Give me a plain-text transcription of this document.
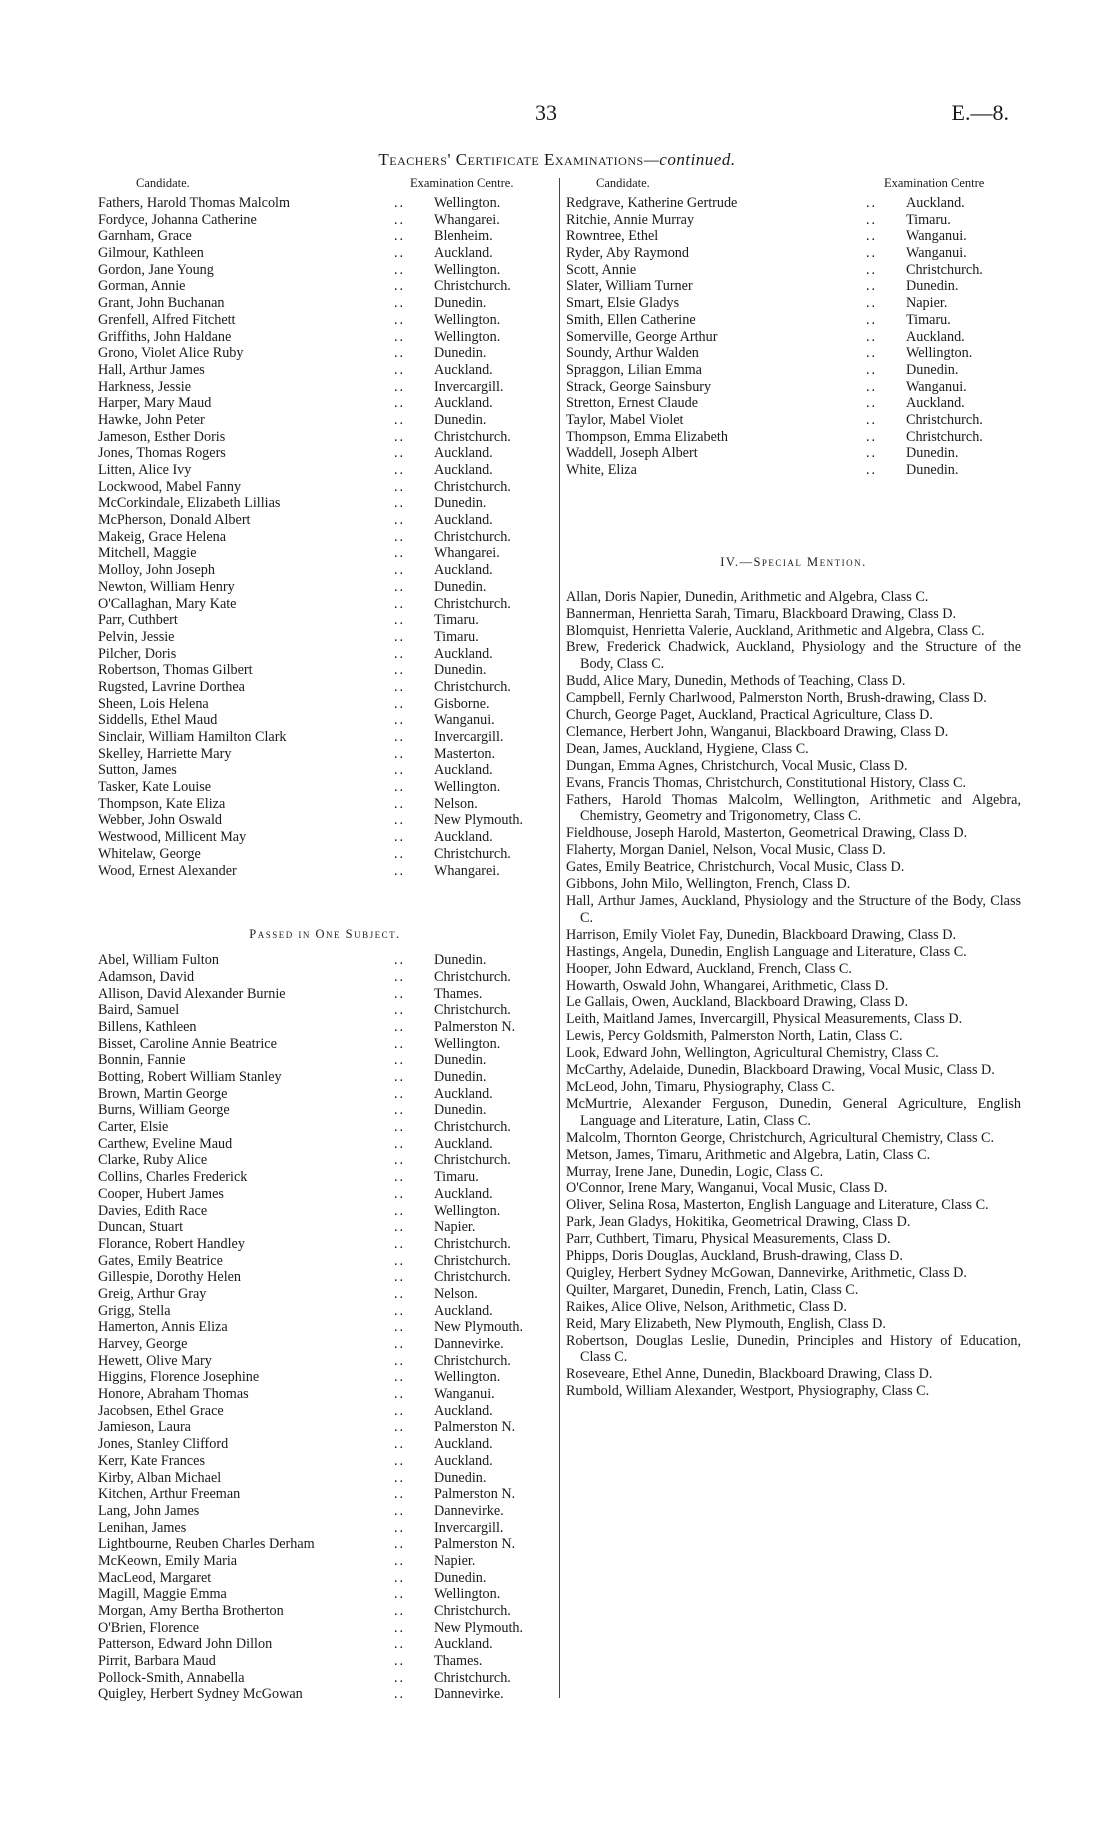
33	E.—8.
Teachers' Certificate Examinations—continued.
Candidate.	Examination Centre.
Fathers, Harold Thomas Malcolm	.. Wellington.
Fordyce, Johanna Catherine	.. Whangarei.
Garnham, Grace	.. Blenheim.
Gilmour, Kathleen	.. Auckland.
Gordon, Jane Young	.. Wellington.
Gorman, Annie	.. Christchurch.
Grant, John Buchanan	.. Dunedin.
Grenfell, Alfred Fitchett	.. Wellington.
Griffiths, John Haldane	.. Wellington.
Grono, Violet Alice Ruby	.. Dunedin.
Hall, Arthur James	.. Auckland.
Harkness, Jessie	.. Invercargill.
Harper, Mary Maud	.. Auckland.
Hawke, John Peter	.. Dunedin.
Jameson, Esther Doris	.. Christchurch.
Jones, Thomas Rogers	.. Auckland.
Litten, Alice Ivy	.. Auckland.
Lockwood, Mabel Fanny	.. Christchurch.
McCorkindale, Elizabeth Lillias	.. Dunedin.
McPherson, Donald Albert	.. Auckland.
Makeig, Grace Helena	.. Christchurch.
Mitchell, Maggie	.. Whangarei.
Molloy, John Joseph	.. Auckland.
Newton, William Henry	.. Dunedin.
O'Callaghan, Mary Kate	.. Christchurch.
Parr, Cuthbert	.. Timaru.
Pelvin, Jessie	.. Timaru.
Pilcher, Doris	.. Auckland.
Robertson, Thomas Gilbert	.. Dunedin.
Rugsted, Lavrine Dorthea	.. Christchurch.
Sheen, Lois Helena	.. Gisborne.
Siddells, Ethel Maud	.. Wanganui.
Sinclair, William Hamilton Clark	.. Invercargill.
Skelley, Harriette Mary	.. Masterton.
Sutton, James	.. Auckland.
Tasker, Kate Louise	.. Wellington.
Thompson, Kate Eliza	.. Nelson.
Webber, John Oswald	.. New Plymouth.
Westwood, Millicent May	.. Auckland.
Whitelaw, George	.. Christchurch.
Wood, Ernest Alexander	.. Whangarei.
Passed in One Subject.
Abel, William Fulton	.. Dunedin.
Adamson, David	.. Christchurch.
Allison, David Alexander Burnie	.. Thames.
Baird, Samuel	.. Christchurch.
Billens, Kathleen	.. Palmerston N.
Bisset, Caroline Annie Beatrice	.. Wellington.
Bonnin, Fannie	.. Dunedin.
Botting, Robert William Stanley	.. Dunedin.
Brown, Martin George	.. Auckland.
Burns, William George	.. Dunedin.
Carter, Elsie	.. Christchurch.
Carthew, Eveline Maud	.. Auckland.
Clarke, Ruby Alice	.. Christchurch.
Collins, Charles Frederick	.. Timaru.
Cooper, Hubert James	.. Auckland.
Davies, Edith Race	.. Wellington.
Duncan, Stuart	.. Napier.
Florance, Robert Handley	.. Christchurch.
Gates, Emily Beatrice	.. Christchurch.
Gillespie, Dorothy Helen	.. Christchurch.
Greig, Arthur Gray	.. Nelson.
Grigg, Stella	.. Auckland.
Hamerton, Annis Eliza	.. New Plymouth.
Harvey, George	.. Dannevirke.
Hewett, Olive Mary	.. Christchurch.
Higgins, Florence Josephine	.. Wellington.
Honore, Abraham Thomas	.. Wanganui.
Jacobsen, Ethel Grace	.. Auckland.
Jamieson, Laura	.. Palmerston N.
Jones, Stanley Clifford	.. Auckland.
Kerr, Kate Frances	.. Auckland.
Kirby, Alban Michael	.. Dunedin.
Kitchen, Arthur Freeman	.. Palmerston N.
Lang, John James	.. Dannevirke.
Lenihan, James	.. Invercargill.
Lightbourne, Reuben Charles Derham	.. Palmerston N.
McKeown, Emily Maria	.. Napier.
MacLeod, Margaret	.. Dunedin.
Magill, Maggie Emma	.. Wellington.
Morgan, Amy Bertha Brotherton	.. Christchurch.
O'Brien, Florence	.. New Plymouth.
Patterson, Edward John Dillon	.. Auckland.
Pirrit, Barbara Maud	.. Thames.
Pollock-Smith, Annabella	.. Christchurch.
Quigley, Herbert Sydney McGowan	.. Dannevirke.
Candidate.	Examination Centre
Redgrave, Katherine Gertrude	.. Auckland.
Ritchie, Annie Murray	.. Timaru.
Rowntree, Ethel	.. Wanganui.
Ryder, Aby Raymond	.. Wanganui.
Scott, Annie	.. Christchurch.
Slater, William Turner	.. Dunedin.
Smart, Elsie Gladys	.. Napier.
Smith, Ellen Catherine	.. Timaru.
Somerville, George Arthur	.. Auckland.
Soundy, Arthur Walden	.. Wellington.
Spraggon, Lilian Emma	.. Dunedin.
Strack, George Sainsbury	.. Wanganui.
Stretton, Ernest Claude	.. Auckland.
Taylor, Mabel Violet	.. Christchurch.
Thompson, Emma Elizabeth	.. Christchurch.
Waddell, Joseph Albert	.. Dunedin.
White, Eliza	.. Dunedin.
IV.—Special Mention.
Allan, Doris Napier, Dunedin, Arithmetic and Algebra, Class C.
Bannerman, Henrietta Sarah, Timaru, Blackboard Drawing, Class D.
Blomquist, Henrietta Valerie, Auckland, Arithmetic and Algebra, Class C.
Brew, Frederick Chadwick, Auckland, Physiology and the Structure of the Body, Class C.
Budd, Alice Mary, Dunedin, Methods of Teaching, Class D.
Campbell, Fernly Charlwood, Palmerston North, Brush-drawing, Class D.
Church, George Paget, Auckland, Practical Agriculture, Class D.
Clemance, Herbert John, Wanganui, Blackboard Drawing, Class D.
Dean, James, Auckland, Hygiene, Class C.
Dungan, Emma Agnes, Christchurch, Vocal Music, Class D.
Evans, Francis Thomas, Christchurch, Constitutional History, Class C.
Fathers, Harold Thomas Malcolm, Wellington, Arithmetic and Algebra, Chemistry, Geometry and Trigonometry, Class C.
Fieldhouse, Joseph Harold, Masterton, Geometrical Drawing, Class D.
Flaherty, Morgan Daniel, Nelson, Vocal Music, Class D.
Gates, Emily Beatrice, Christchurch, Vocal Music, Class D.
Gibbons, John Milo, Wellington, French, Class D.
Hall, Arthur James, Auckland, Physiology and the Structure of the Body, Class C.
Harrison, Emily Violet Fay, Dunedin, Blackboard Drawing, Class D.
Hastings, Angela, Dunedin, English Language and Literature, Class C.
Hooper, John Edward, Auckland, French, Class C.
Howarth, Oswald John, Whangarei, Arithmetic, Class D.
Le Gallais, Owen, Auckland, Blackboard Drawing, Class D.
Leith, Maitland James, Invercargill, Physical Measurements, Class D.
Lewis, Percy Goldsmith, Palmerston North, Latin, Class C.
Look, Edward John, Wellington, Agricultural Chemistry, Class C.
McCarthy, Adelaide, Dunedin, Blackboard Drawing, Vocal Music, Class D.
McLeod, John, Timaru, Physiography, Class C.
McMurtrie, Alexander Ferguson, Dunedin, General Agriculture, English Language and Literature, Latin, Class C.
Malcolm, Thornton George, Christchurch, Agricultural Chemistry, Class C.
Metson, James, Timaru, Arithmetic and Algebra, Latin, Class C.
Murray, Irene Jane, Dunedin, Logic, Class C.
O'Connor, Irene Mary, Wanganui, Vocal Music, Class D.
Oliver, Selina Rosa, Masterton, English Language and Literature, Class C.
Park, Jean Gladys, Hokitika, Geometrical Drawing, Class D.
Parr, Cuthbert, Timaru, Physical Measurements, Class D.
Phipps, Doris Douglas, Auckland, Brush-drawing, Class D.
Quigley, Herbert Sydney McGowan, Dannevirke, Arithmetic, Class D.
Quilter, Margaret, Dunedin, French, Latin, Class C.
Raikes, Alice Olive, Nelson, Arithmetic, Class D.
Reid, Mary Elizabeth, New Plymouth, English, Class D.
Robertson, Douglas Leslie, Dunedin, Principles and History of Education, Class C.
Roseveare, Ethel Anne, Dunedin, Blackboard Drawing, Class D.
Rumbold, William Alexander, Westport, Physiography, Class C.
